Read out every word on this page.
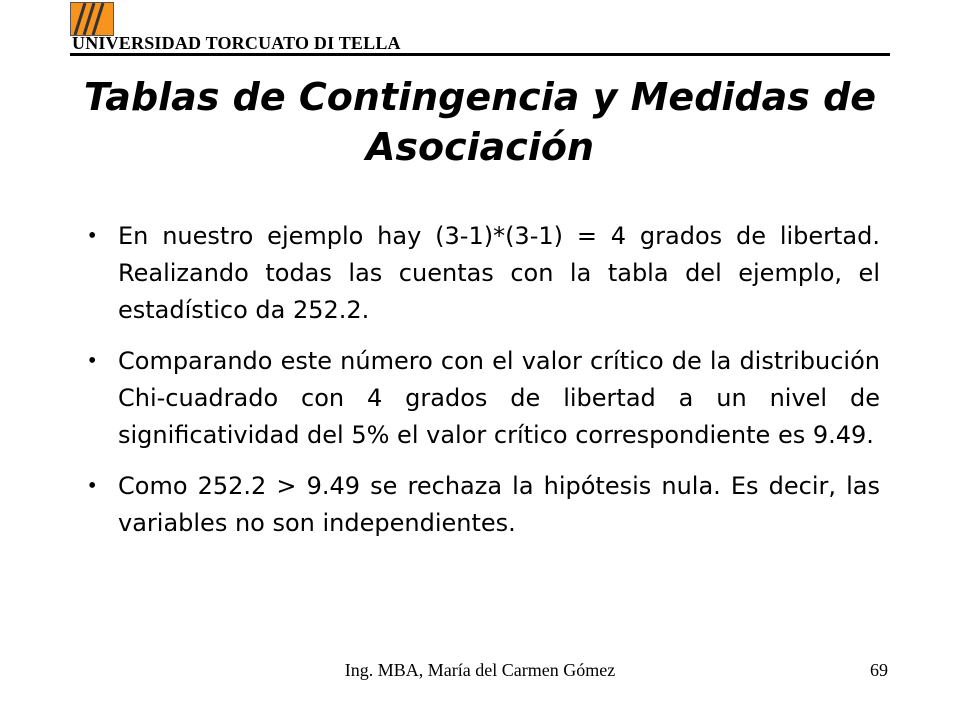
UNIVERSIDAD TORCUATO DI TELLA
Tablas de Contingencia y Medidas de Asociación
• En nuestro ejemplo hay (3-1)*(3-1) = 4 grados de libertad. Realizando todas las cuentas con la tabla del ejemplo, el estadístico da 252.2.
• Comparando este número con el valor crítico de la distribución Chi-cuadrado con 4 grados de libertad a un nivel de significatividad del 5% el valor crítico correspondiente es 9.49.
• Como 252.2 > 9.49 se rechaza la hipótesis nula. Es decir, las variables no son independientes.
Ing. MBA, María del Carmen Gómez	69
